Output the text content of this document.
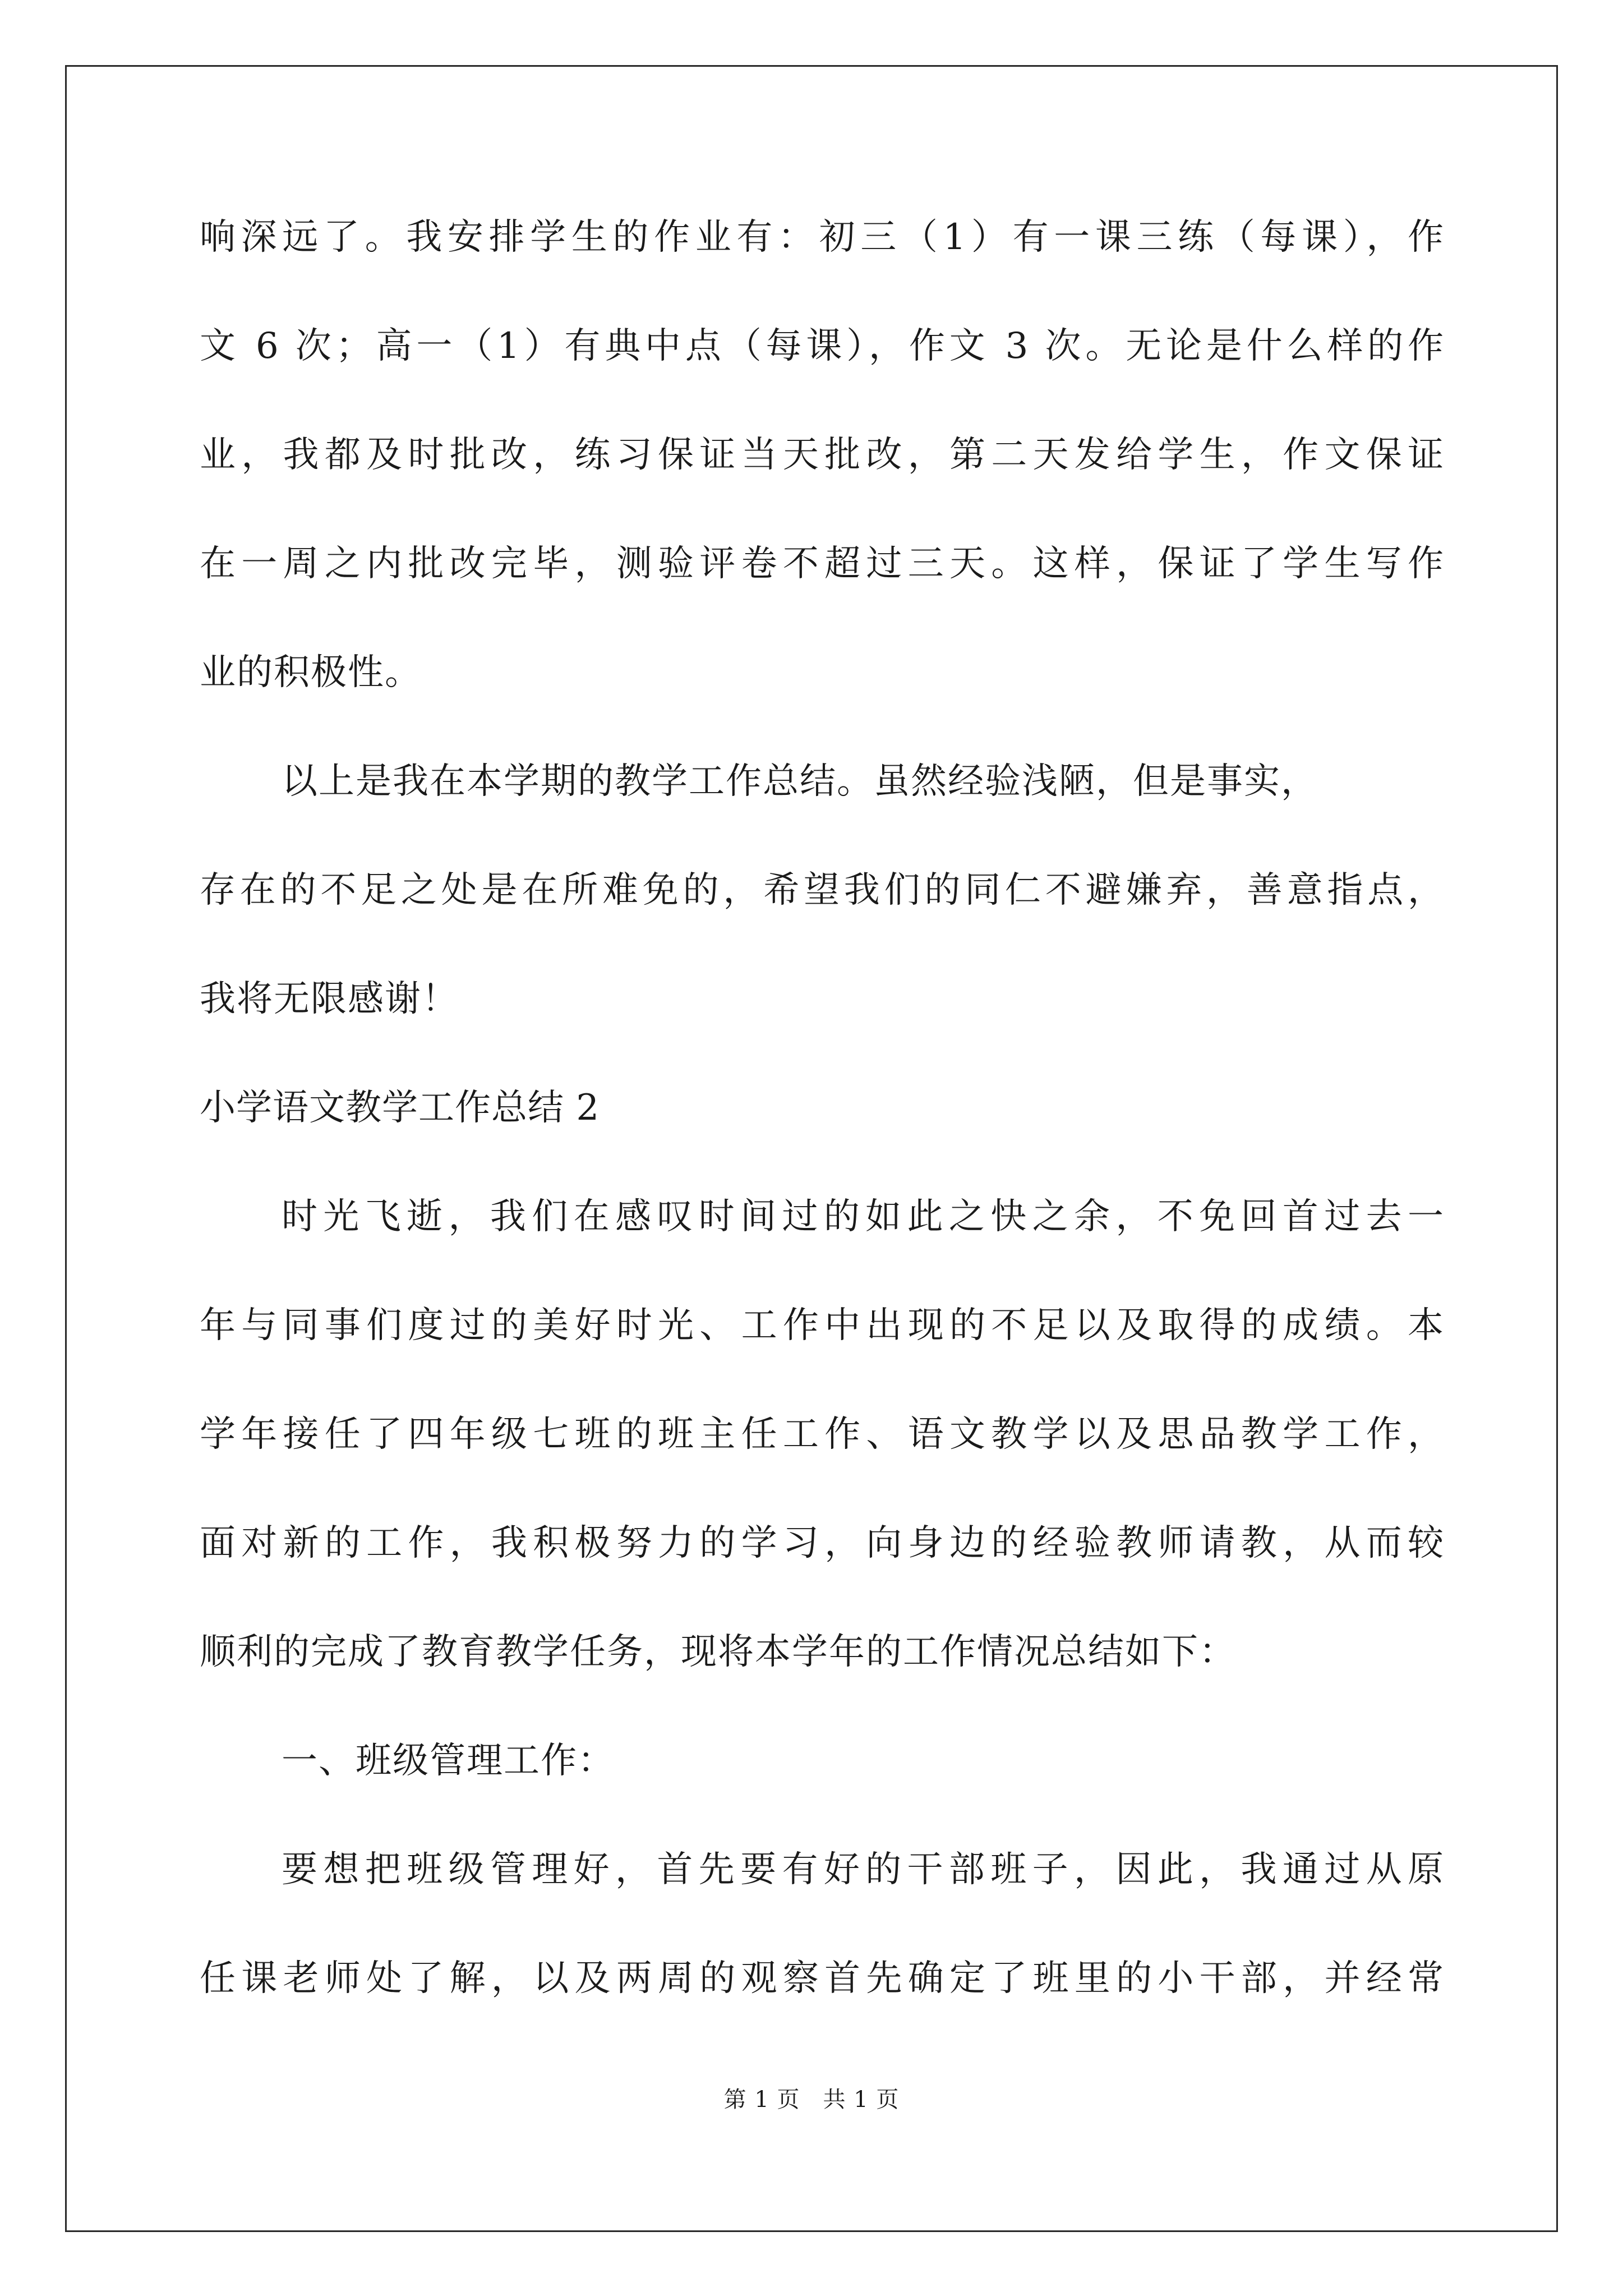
响深远了。我安排学生的作业有：初三（1）有一课三练（每课），作
文 6 次；高一（1）有典中点（每课），作文 3 次。无论是什么样的作
业，我都及时批改，练习保证当天批改，第二天发给学生，作文保证
在一周之内批改完毕，测验评卷不超过三天。这样，保证了学生写作
业的积极性。
以上是我在本学期的教学工作总结。虽然经验浅陋，但是事实，
存在的不足之处是在所难免的，希望我们的同仁不避嫌弃，善意指点，
我将无限感谢！
小学语文教学工作总结 2
时光飞逝，我们在感叹时间过的如此之快之余，不免回首过去一
年与同事们度过的美好时光、工作中出现的不足以及取得的成绩。本
学年接任了四年级七班的班主任工作、语文教学以及思品教学工作，
面对新的工作，我积极努力的学习，向身边的经验教师请教，从而较
顺利的完成了教育教学任务，现将本学年的工作情况总结如下：
一、班级管理工作：
要想把班级管理好，首先要有好的干部班子，因此，我通过从原
任课老师处了解，以及两周的观察首先确定了班里的小干部，并经常
第 1 页　共 1 页
